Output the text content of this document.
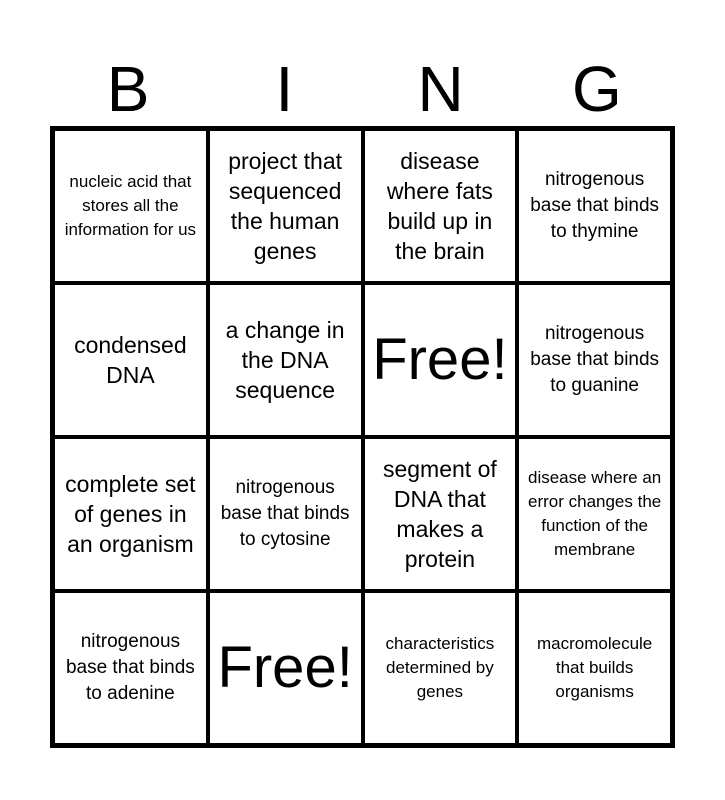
B	I	N	G
nucleic acid that stores all the information for us
project that sequenced the human genes
disease where fats build up in the brain
nitrogenous base that binds to thymine
condensed DNA
a change in the DNA sequence Free!	nitrogenous base that binds to guanine
complete set of genes in an organism
nitrogenous base that binds to cytosine
segment of DNA that makes a protein
disease where an error changes the function of the membrane
nitrogenous base that binds to adenine Free!	characteristics determined by genes
macromolecule that builds organisms
